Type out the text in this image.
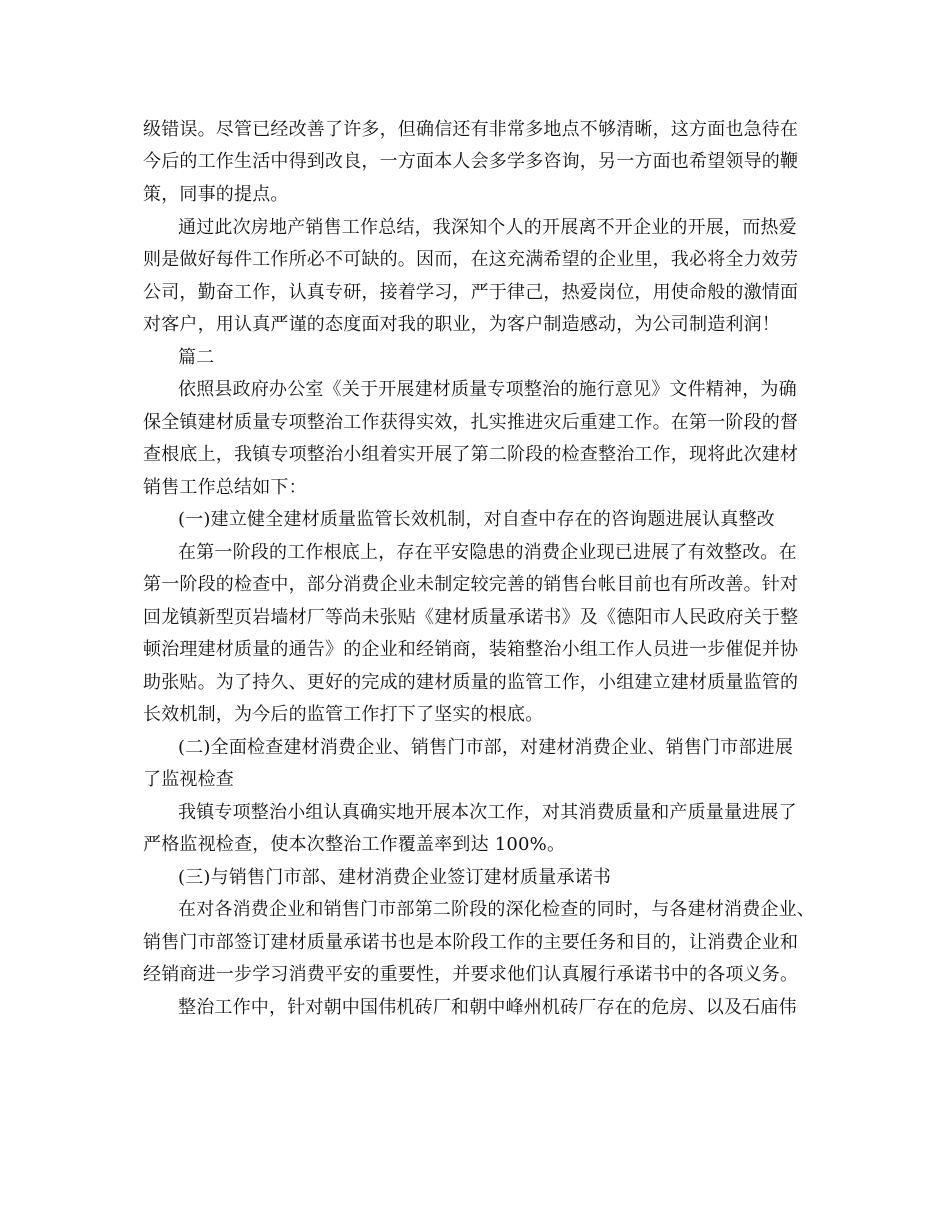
级错误。尽管已经改善了许多，但确信还有非常多地点不够清晰，这方面也急待在
今后的工作生活中得到改良，一方面本人会多学多咨询，另一方面也希望领导的鞭
策，同事的提点。
通过此次房地产销售工作总结，我深知个人的开展离不开企业的开展，而热爱
则是做好每件工作所必不可缺的。因而，在这充满希望的企业里，我必将全力效劳
公司，勤奋工作，认真专研，接着学习，严于律己，热爱岗位，用使命般的激情面
对客户，用认真严谨的态度面对我的职业，为客户制造感动，为公司制造利润！
篇二
依照县政府办公室《关于开展建材质量专项整治的施行意见》文件精神，为确
保全镇建材质量专项整治工作获得实效，扎实推进灾后重建工作。在第一阶段的督
查根底上，我镇专项整治小组着实开展了第二阶段的检查整治工作，现将此次建材
销售工作总结如下：
(一)建立健全建材质量监管长效机制，对自查中存在的咨询题进展认真整改
在第一阶段的工作根底上，存在平安隐患的消费企业现已进展了有效整改。在
第一阶段的检查中，部分消费企业未制定较完善的销售台帐目前也有所改善。针对
回龙镇新型页岩墙材厂等尚未张贴《建材质量承诺书》及《德阳市人民政府关于整
顿治理建材质量的通告》的企业和经销商，装箱整治小组工作人员进一步催促并协
助张贴。为了持久、更好的完成的建材质量的监管工作，小组建立建材质量监管的
长效机制，为今后的监管工作打下了坚实的根底。
(二)全面检查建材消费企业、销售门市部，对建材消费企业、销售门市部进展
了监视检查
我镇专项整治小组认真确实地开展本次工作，对其消费质量和产质量量进展了
严格监视检查，使本次整治工作覆盖率到达 100%。
(三)与销售门市部、建材消费企业签订建材质量承诺书
在对各消费企业和销售门市部第二阶段的深化检查的同时，与各建材消费企业、
销售门市部签订建材质量承诺书也是本阶段工作的主要任务和目的，让消费企业和
经销商进一步学习消费平安的重要性，并要求他们认真履行承诺书中的各项义务。
整治工作中，针对朝中国伟机砖厂和朝中峰州机砖厂存在的危房、以及石庙伟
